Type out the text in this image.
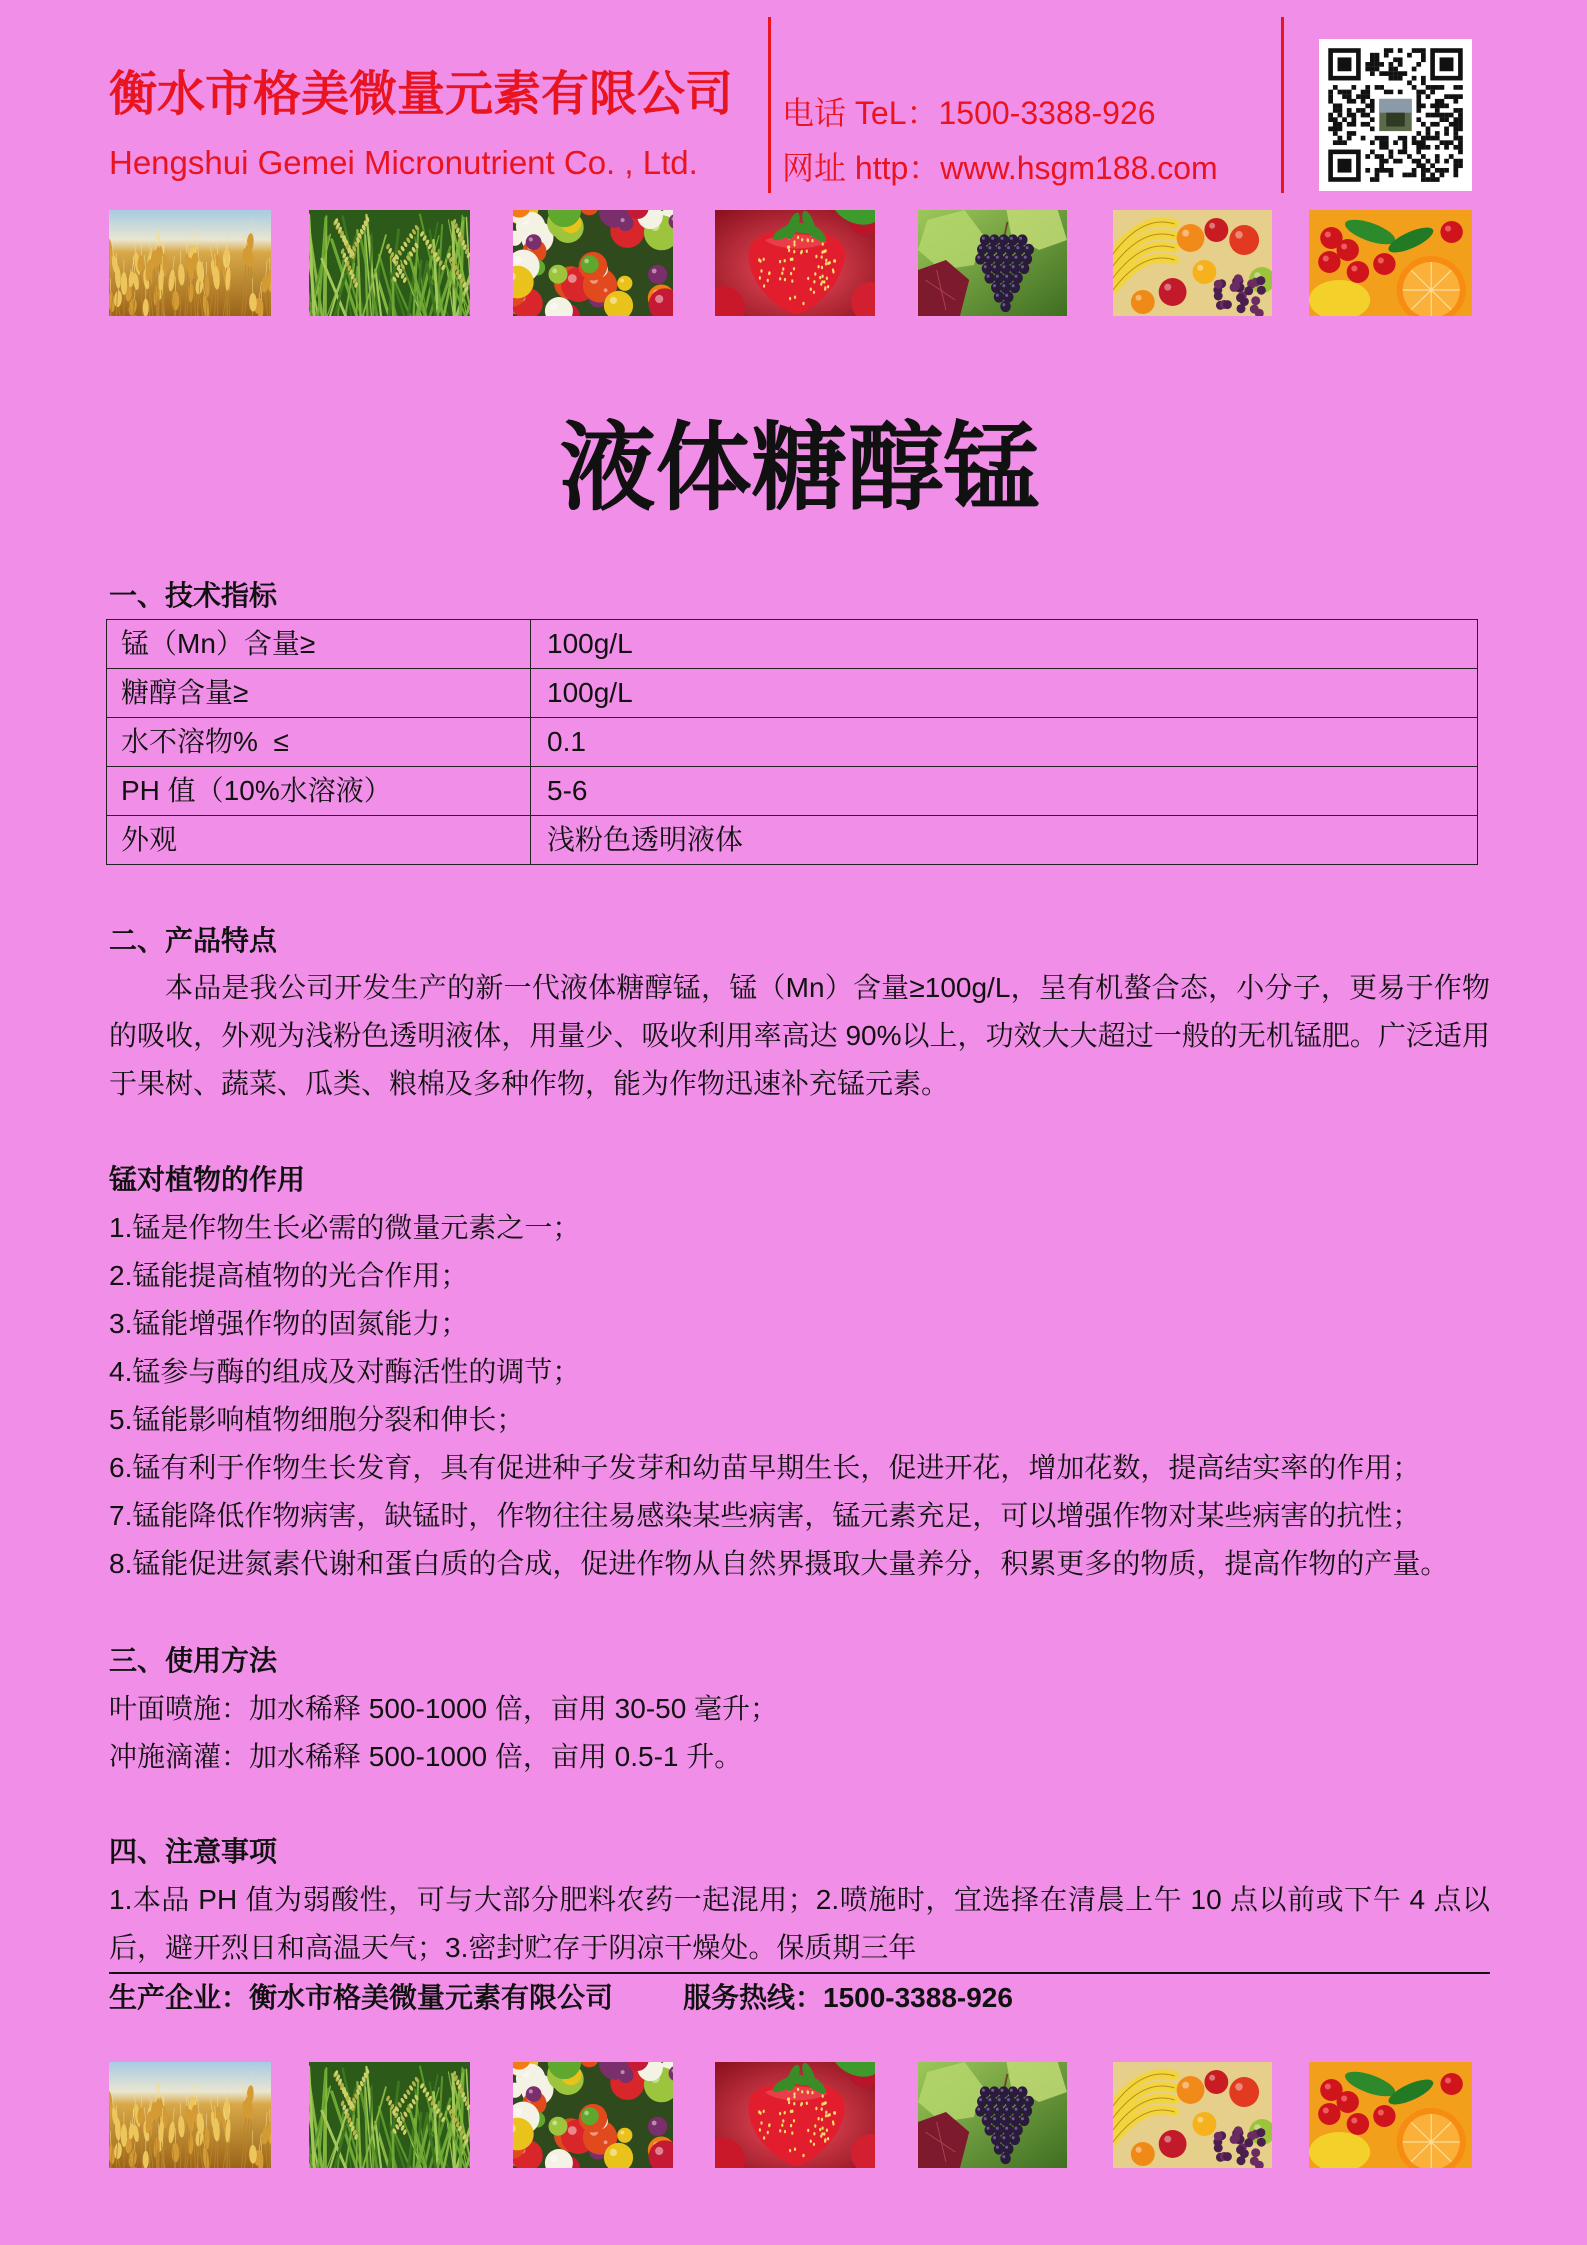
衡水市格美微量元素有限公司
Hengshui Gemei Micronutrient Co. , Ltd.
电话 TeL：1500-3388-926
网址 http：www.hsgm188.com
液体糖醇锰
一、技术指标
锰（Mn）含量≥	100g/L
糖醇含量≥	100g/L
水不溶物%  ≤	0.1
PH 值（10%水溶液）	5-6
外观	浅粉色透明液体
二、产品特点
本品是我公司开发生产的新一代液体糖醇锰，锰（Mn）含量≥100g/L，呈有机螯合态，小分子，更易于作物的吸收，外观为浅粉色透明液体，用量少、吸收利用率高达 90%以上，功效大大超过一般的无机锰肥。广泛适用于果树、蔬菜、瓜类、粮棉及多种作物，能为作物迅速补充锰元素。
锰对植物的作用
1.锰是作物生长必需的微量元素之一；
2.锰能提高植物的光合作用；
3.锰能增强作物的固氮能力；
4.锰参与酶的组成及对酶活性的调节；
5.锰能影响植物细胞分裂和伸长；
6.锰有利于作物生长发育，具有促进种子发芽和幼苗早期生长，促进开花，增加花数，提高结实率的作用；
7.锰能降低作物病害，缺锰时，作物往往易感染某些病害，锰元素充足，可以增强作物对某些病害的抗性；
8.锰能促进氮素代谢和蛋白质的合成，促进作物从自然界摄取大量养分，积累更多的物质，提高作物的产量。
三、使用方法
叶面喷施：加水稀释 500-1000 倍，亩用 30-50 毫升；
冲施滴灌：加水稀释 500-1000 倍，亩用 0.5-1 升。
四、注意事项
1.本品 PH 值为弱酸性，可与大部分肥料农药一起混用；2.喷施时，宜选择在清晨上午 10 点以前或下午 4 点以后，避开烈日和高温天气；3.密封贮存于阴凉干燥处。保质期三年
生产企业：衡水市格美微量元素有限公司 服务热线：1500-3388-926
